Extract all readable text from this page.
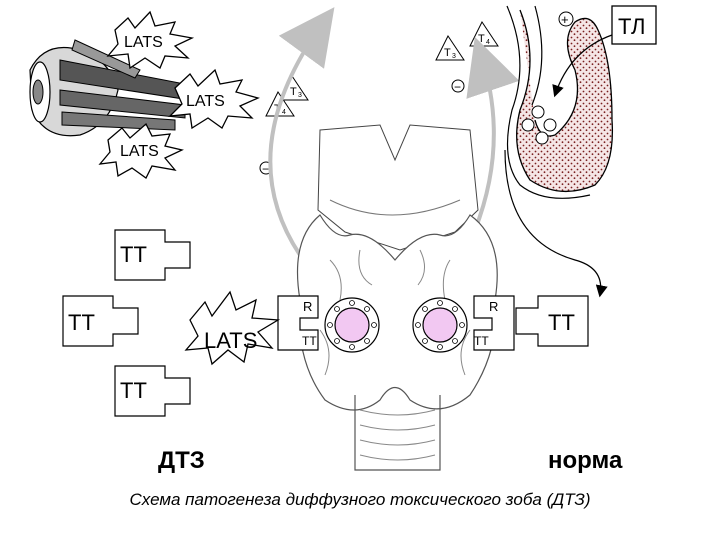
LATS
LATS
LATS
Т 4
Т 3
Т 3
Т 4
+
−
−
R
ТТ
R
ТТ
LATS
ТТ
ТТ
ТТ
ТТ
ТЛ
ДТЗ	норма
Схема патогенеза диффузного токсического зоба (ДТЗ)
